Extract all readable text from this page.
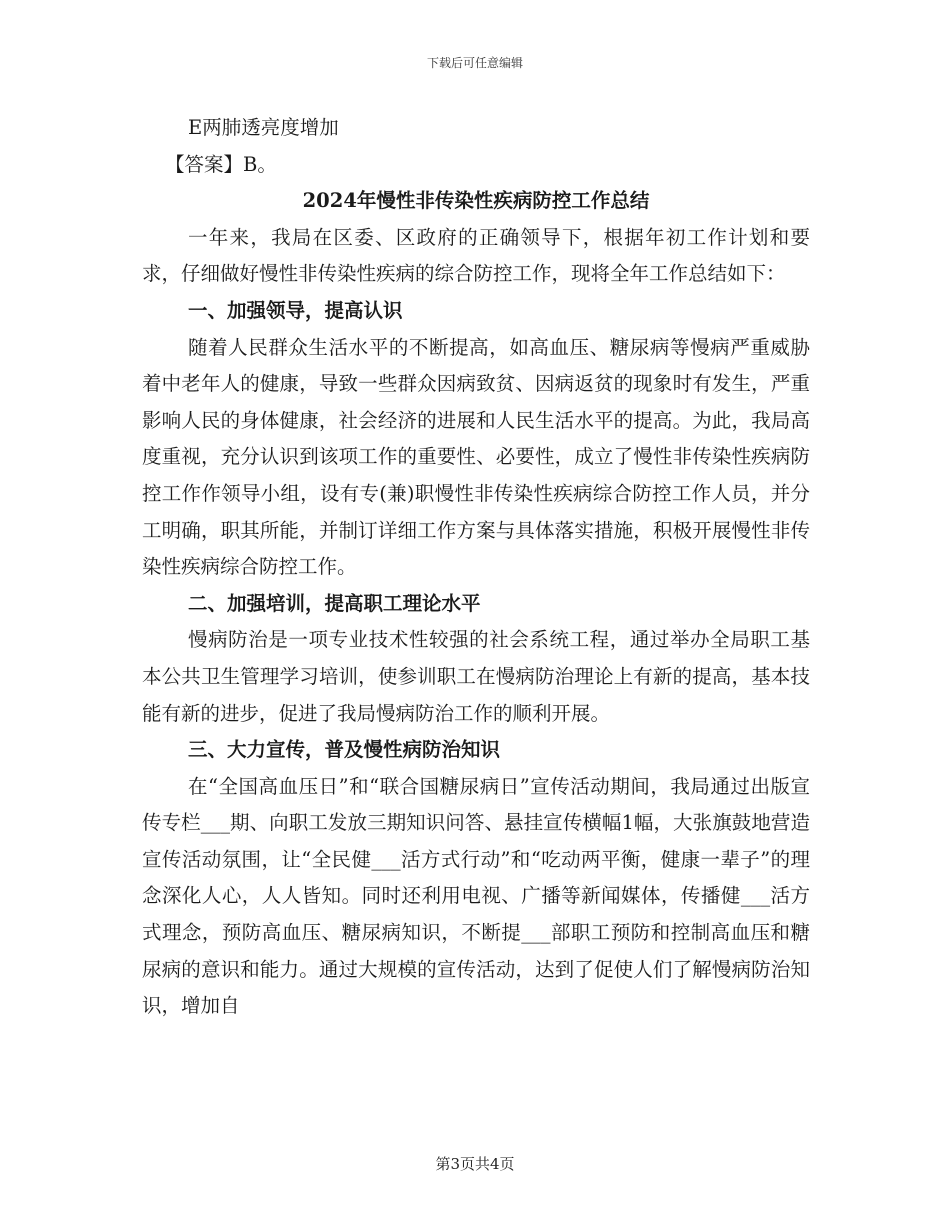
下载后可任意编辑

E两肺透亮度增加

【答案】B。

2024年慢性非传染性疾病防控工作总结

一年来，我局在区委、区政府的正确领导下，根据年初工作计划和要求，仔细做好慢性非传染性疾病的综合防控工作，现将全年工作总结如下：

一、加强领导，提高认识

随着人民群众生活水平的不断提高，如高血压、糖尿病等慢病严重威胁着中老年人的健康，导致一些群众因病致贫、因病返贫的现象时有发生，严重影响人民的身体健康，社会经济的进展和人民生活水平的提高。为此，我局高度重视，充分认识到该项工作的重要性、必要性，成立了慢性非传染性疾病防控工作作领导小组，设有专(兼)职慢性非传染性疾病综合防控工作人员，并分工明确，职其所能，并制订详细工作方案与具体落实措施，积极开展慢性非传染性疾病综合防控工作。

二、加强培训，提高职工理论水平

慢病防治是一项专业技术性较强的社会系统工程，通过举办全局职工基本公共卫生管理学习培训，使参训职工在慢病防治理论上有新的提高，基本技能有新的进步，促进了我局慢病防治工作的顺利开展。

三、大力宣传，普及慢性病防治知识

在“全国高血压日”和“联合国糖尿病日”宣传活动期间，我局通过出版宣传专栏___期、向职工发放三期知识问答、悬挂宣传横幅1幅，大张旗鼓地营造宣传活动氛围，让“全民健___活方式行动”和“吃动两平衡，健康一辈子”的理念深化人心，人人皆知。同时还利用电视、广播等新闻媒体，传播健___活方式理念，预防高血压、糖尿病知识，不断提___部职工预防和控制高血压和糖尿病的意识和能力。通过大规模的宣传活动，达到了促使人们了解慢病防治知识，增加自

第3页共4页
